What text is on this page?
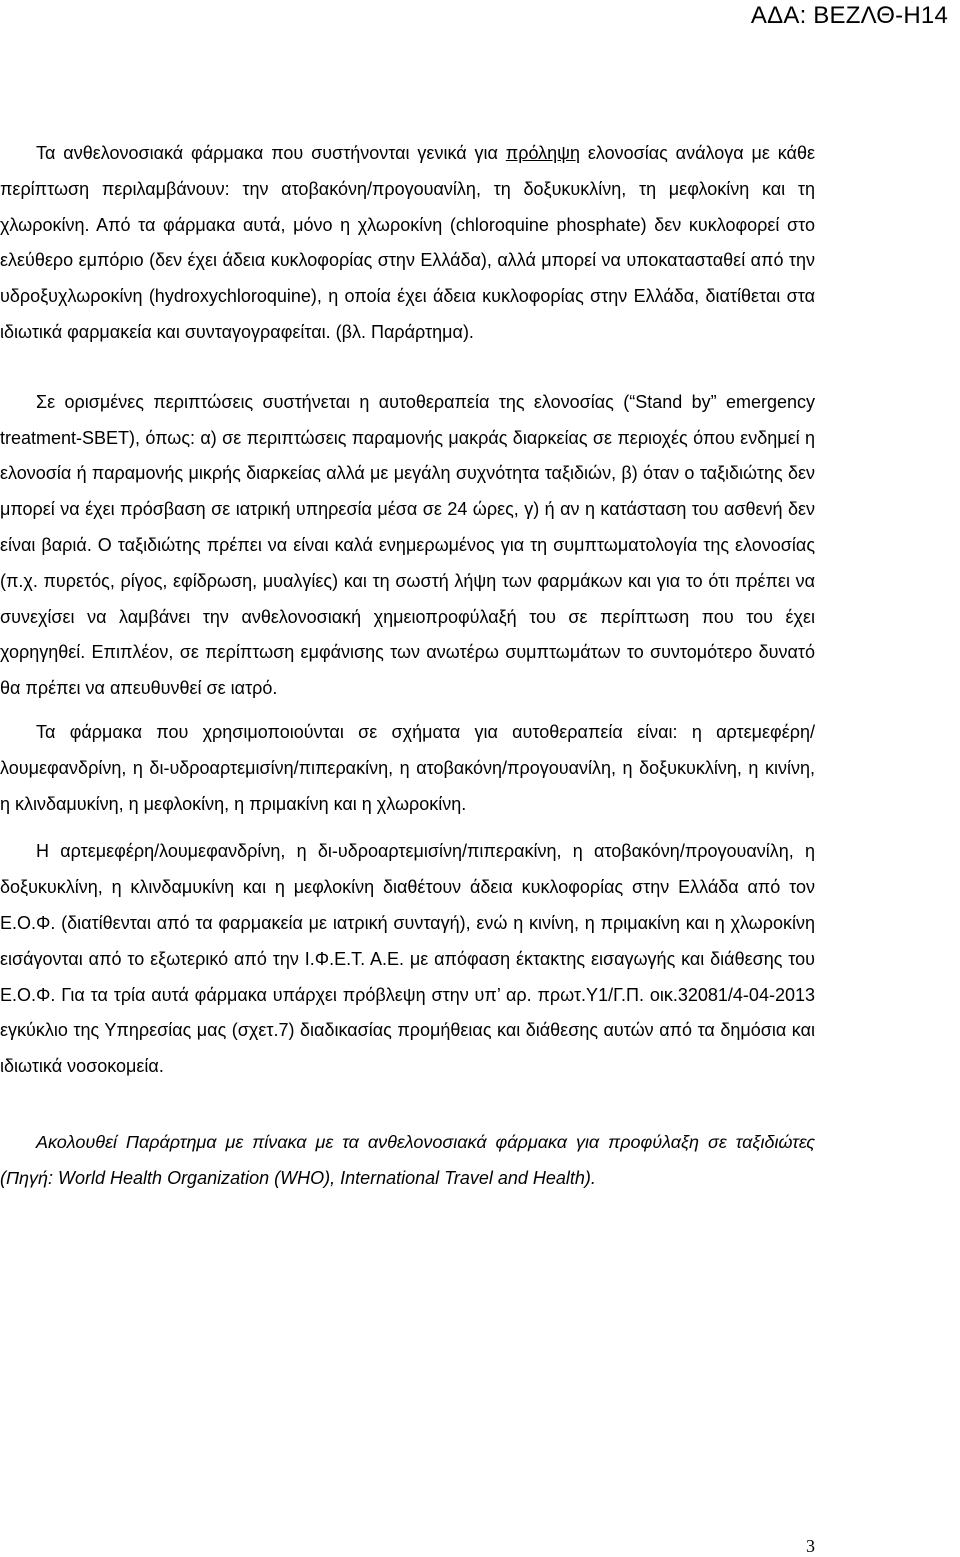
ΑΔΑ: ΒΕΖΛΘ-Η14

Τα ανθελονοσιακά φάρμακα που συστήνονται γενικά για πρόληψη ελονοσίας ανάλογα με κάθε περίπτωση περιλαμβάνουν: την ατοβακόνη/προγουανίλη, τη δοξυκυκλίνη, τη μεφλοκίνη και τη χλωροκίνη. Από τα φάρμακα αυτά, μόνο η χλωροκίνη (chloroquine phosphate) δεν κυκλοφορεί στο ελεύθερο εμπόριο (δεν έχει άδεια κυκλοφορίας στην Ελλάδα), αλλά μπορεί να υποκατασταθεί από την υδροξυχλωροκίνη (hydroxychloroquine), η οποία έχει άδεια κυκλοφορίας στην Ελλάδα, διατίθεται στα ιδιωτικά φαρμακεία και συνταγογραφείται. (βλ. Παράρτημα).

Σε ορισμένες περιπτώσεις συστήνεται η αυτοθεραπεία της ελονοσίας (“Stand by” emergency treatment-SBET), όπως: α) σε περιπτώσεις παραμονής μακράς διαρκείας σε περιοχές όπου ενδημεί η ελονοσία ή παραμονής μικρής διαρκείας αλλά με μεγάλη συχνότητα ταξιδιών, β) όταν ο ταξιδιώτης δεν μπορεί να έχει πρόσβαση σε ιατρική υπηρεσία μέσα σε 24 ώρες, γ) ή αν η κατάσταση του ασθενή δεν είναι βαριά. Ο ταξιδιώτης πρέπει να είναι καλά ενημερωμένος για τη συμπτωματολογία της ελονοσίας (π.χ. πυρετός, ρίγος, εφίδρωση, μυαλγίες) και τη σωστή λήψη των φαρμάκων και για το ότι πρέπει να συνεχίσει να λαμβάνει την ανθελονοσιακή χημειοπροφύλαξή του σε περίπτωση που του έχει χορηγηθεί. Επιπλέον, σε περίπτωση εμφάνισης των ανωτέρω συμπτωμάτων το συντομότερο δυνατό θα πρέπει να απευθυνθεί σε ιατρό.

Τα φάρμακα που χρησιμοποιούνται σε σχήματα για αυτοθεραπεία είναι: η αρτεμεφέρη/λουμεφανδρίνη, η δι-υδροαρτεμισίνη/πιπερακίνη, η ατοβακόνη/προγουανίλη, η δοξυκυκλίνη, η κινίνη, η κλινδαμυκίνη, η μεφλοκίνη, η πριμακίνη και η χλωροκίνη.

Η αρτεμεφέρη/λουμεφανδρίνη, η δι-υδροαρτεμισίνη/πιπερακίνη, η ατοβακόνη/προγουανίλη, η δοξυκυκλίνη, η κλινδαμυκίνη και η μεφλοκίνη διαθέτουν άδεια κυκλοφορίας στην Ελλάδα από τον Ε.Ο.Φ. (διατίθενται από τα φαρμακεία με ιατρική συνταγή), ενώ η κινίνη, η πριμακίνη και η χλωροκίνη εισάγονται από το εξωτερικό από την Ι.Φ.Ε.Τ. Α.Ε. με απόφαση έκτακτης εισαγωγής και διάθεσης του Ε.Ο.Φ. Για τα τρία αυτά φάρμακα υπάρχει πρόβλεψη στην υπ’ αρ. πρωτ.Υ1/Γ.Π. οικ.32081/4-04-2013 εγκύκλιο της Υπηρεσίας μας (σχετ.7) διαδικασίας προμήθειας και διάθεσης αυτών από τα δημόσια και ιδιωτικά νοσοκομεία.

Ακολουθεί Παράρτημα με πίνακα με τα ανθελονοσιακά φάρμακα για προφύλαξη σε ταξιδιώτες (Πηγή: World Health Organization (WHO), International Travel and Health).

3
